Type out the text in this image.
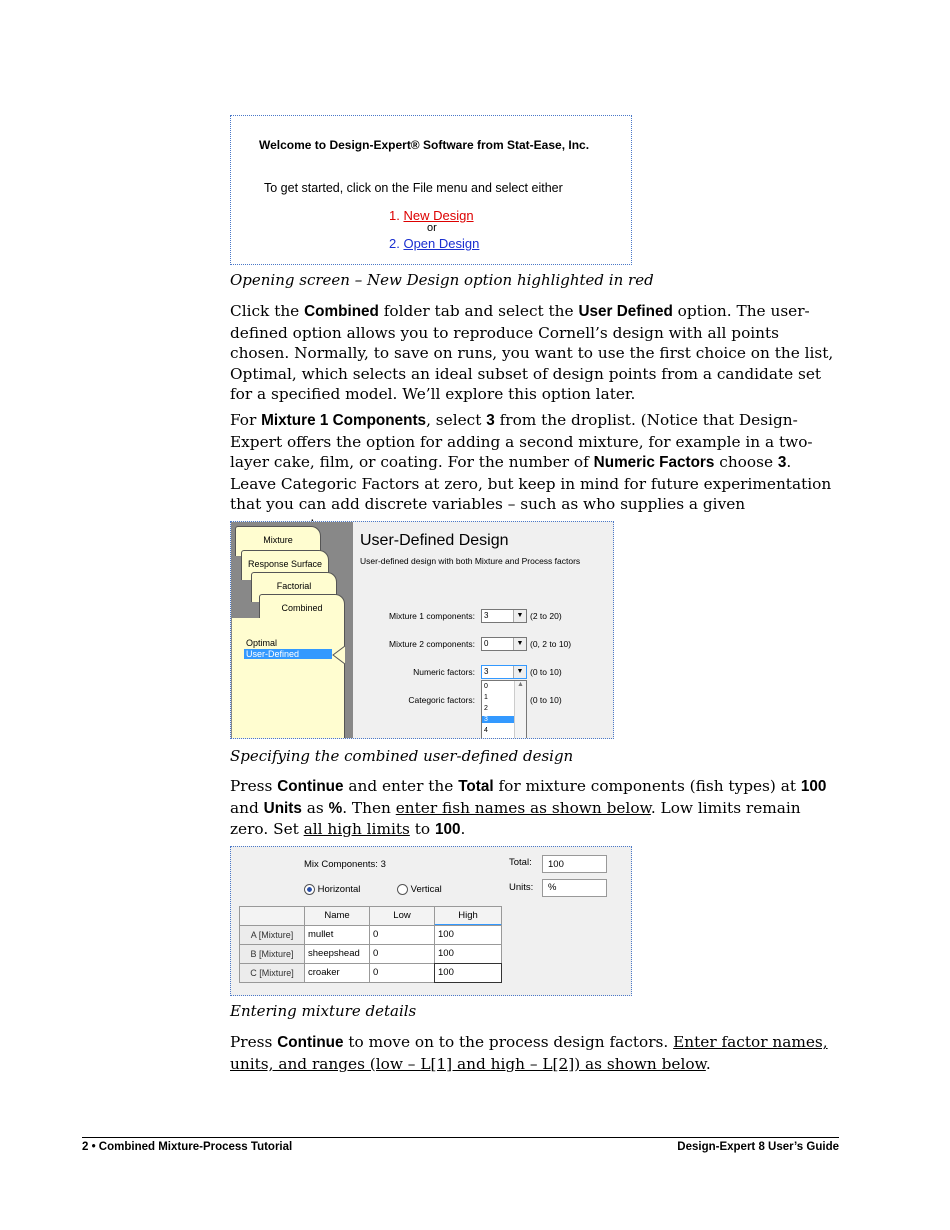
Welcome to Design-Expert® Software from Stat-Ease, Inc.
To get started, click on the File menu and select either
1. New Design
or
2. Open Design
Opening screen – New Design option highlighted in red
Click the Combined folder tab and select the User Defined option. The user-defined option allows you to reproduce Cornell’s design with all points chosen. Normally, to save on runs, you want to use the first choice on the list, Optimal, which selects an ideal subset of design points from a candidate set for a specified model. We’ll explore this option later.
For Mixture 1 Components, select 3 from the droplist. (Notice that Design-Expert offers the option for adding a second mixture, for example in a two-layer cake, film, or coating. For the number of Numeric Factors choose 3. Leave Categoric Factors at zero, but keep in mind for future experimentation that you can add discrete variables – such as who supplies a given
Mixture
Response Surface
Factorial
Combined
Optimal
User-Defined
User-Defined Design
User-defined design with both Mixture and Process factors
Mixture 1 components:	3	▼ (2 to 20)
Mixture 2 components:	0	▼ (0, 2 to 10)
Numeric factors:	3	▼ (0 to 10)
Categoric factors:	(0 to 10)
0
1
2
3
4
▲
Specifying the combined user-defined design
Press Continue and enter the Total for mixture components (fish types) at 100 and Units as %. Then enter fish names as shown below. Low limits remain zero. Set all high limits to 100.
Mix Components: 3	Total:	100
Units:	%
Horizontal	Vertical
Name	Low	High
A [Mixture]	mullet	0	100
B [Mixture]	sheepshead	0	100
C [Mixture]	croaker	0	100
Entering mixture details
Press Continue to move on to the process design factors. Enter factor names, units, and ranges (low – L[1] and high – L[2]) as shown below.
2 • Combined Mixture-Process Tutorial	Design-Expert 8 User’s Guide
